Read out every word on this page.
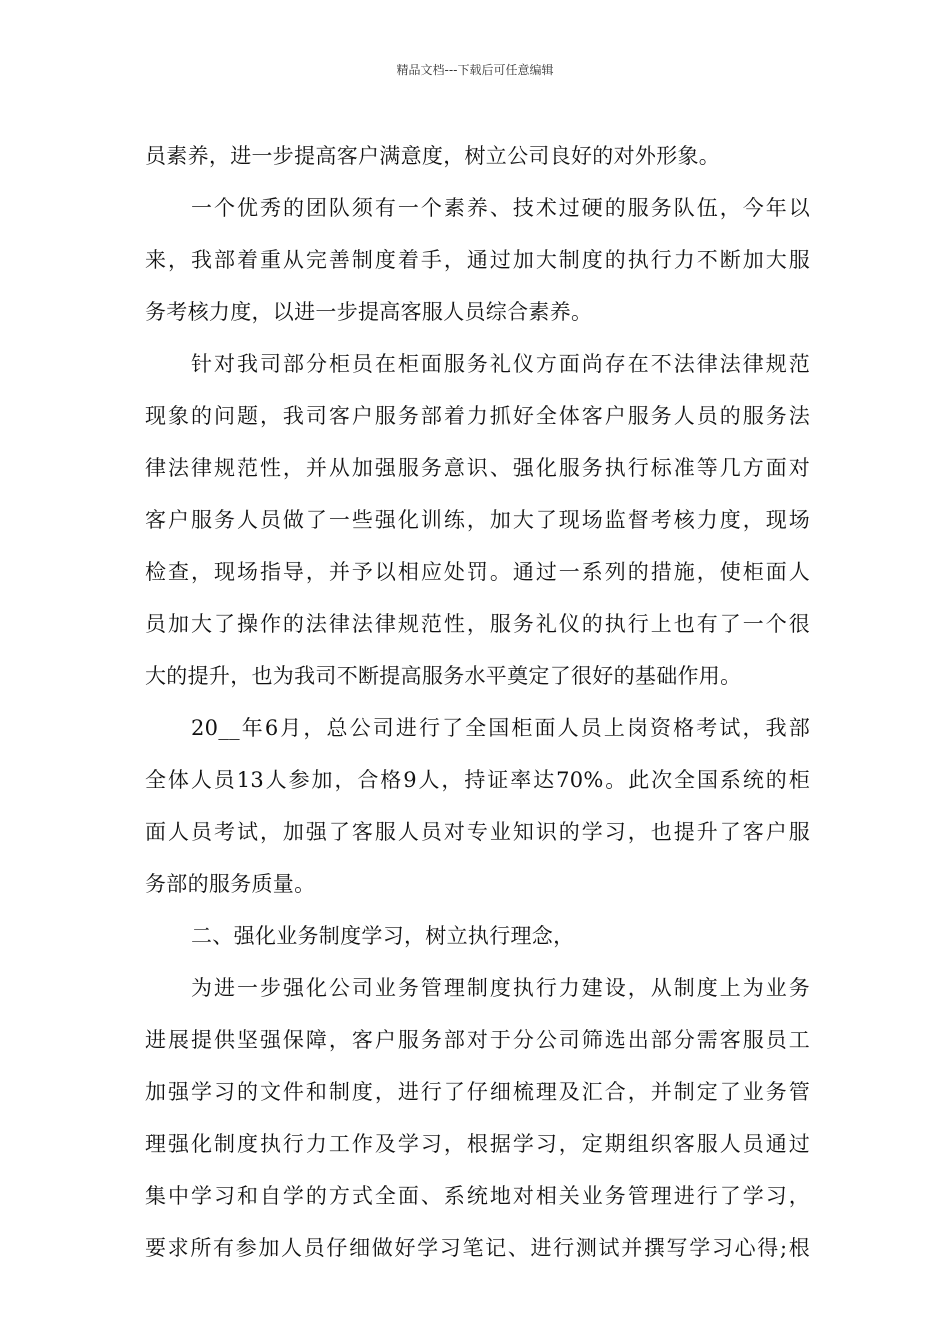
精品文档---下载后可任意编辑
员素养，进一步提高客户满意度，树立公司良好的对外形象。
一个优秀的团队须有一个素养、技术过硬的服务队伍，今年以
来，我部着重从完善制度着手，通过加大制度的执行力不断加大服
务考核力度，以进一步提高客服人员综合素养。
针对我司部分柜员在柜面服务礼仪方面尚存在不法律法律规范
现象的问题，我司客户服务部着力抓好全体客户服务人员的服务法
律法律规范性，并从加强服务意识、强化服务执行标准等几方面对
客户服务人员做了一些强化训练，加大了现场监督考核力度，现场
检查，现场指导，并予以相应处罚。通过一系列的措施，使柜面人
员加大了操作的法律法律规范性，服务礼仪的执行上也有了一个很
大的提升，也为我司不断提高服务水平奠定了很好的基础作用。
20__年6月，总公司进行了全国柜面人员上岗资格考试，我部
全体人员13人参加，合格9人，持证率达70%。此次全国系统的柜
面人员考试，加强了客服人员对专业知识的学习，也提升了客户服
务部的服务质量。
二、强化业务制度学习，树立执行理念，
为进一步强化公司业务管理制度执行力建设，从制度上为业务
进展提供坚强保障，客户服务部对于分公司筛选出部分需客服员工
加强学习的文件和制度，进行了仔细梳理及汇合，并制定了业务管
理强化制度执行力工作及学习，根据学习，定期组织客服人员通过
集中学习和自学的方式全面、系统地对相关业务管理进行了学习，
要求所有参加人员仔细做好学习笔记、进行测试并撰写学习心得;根
